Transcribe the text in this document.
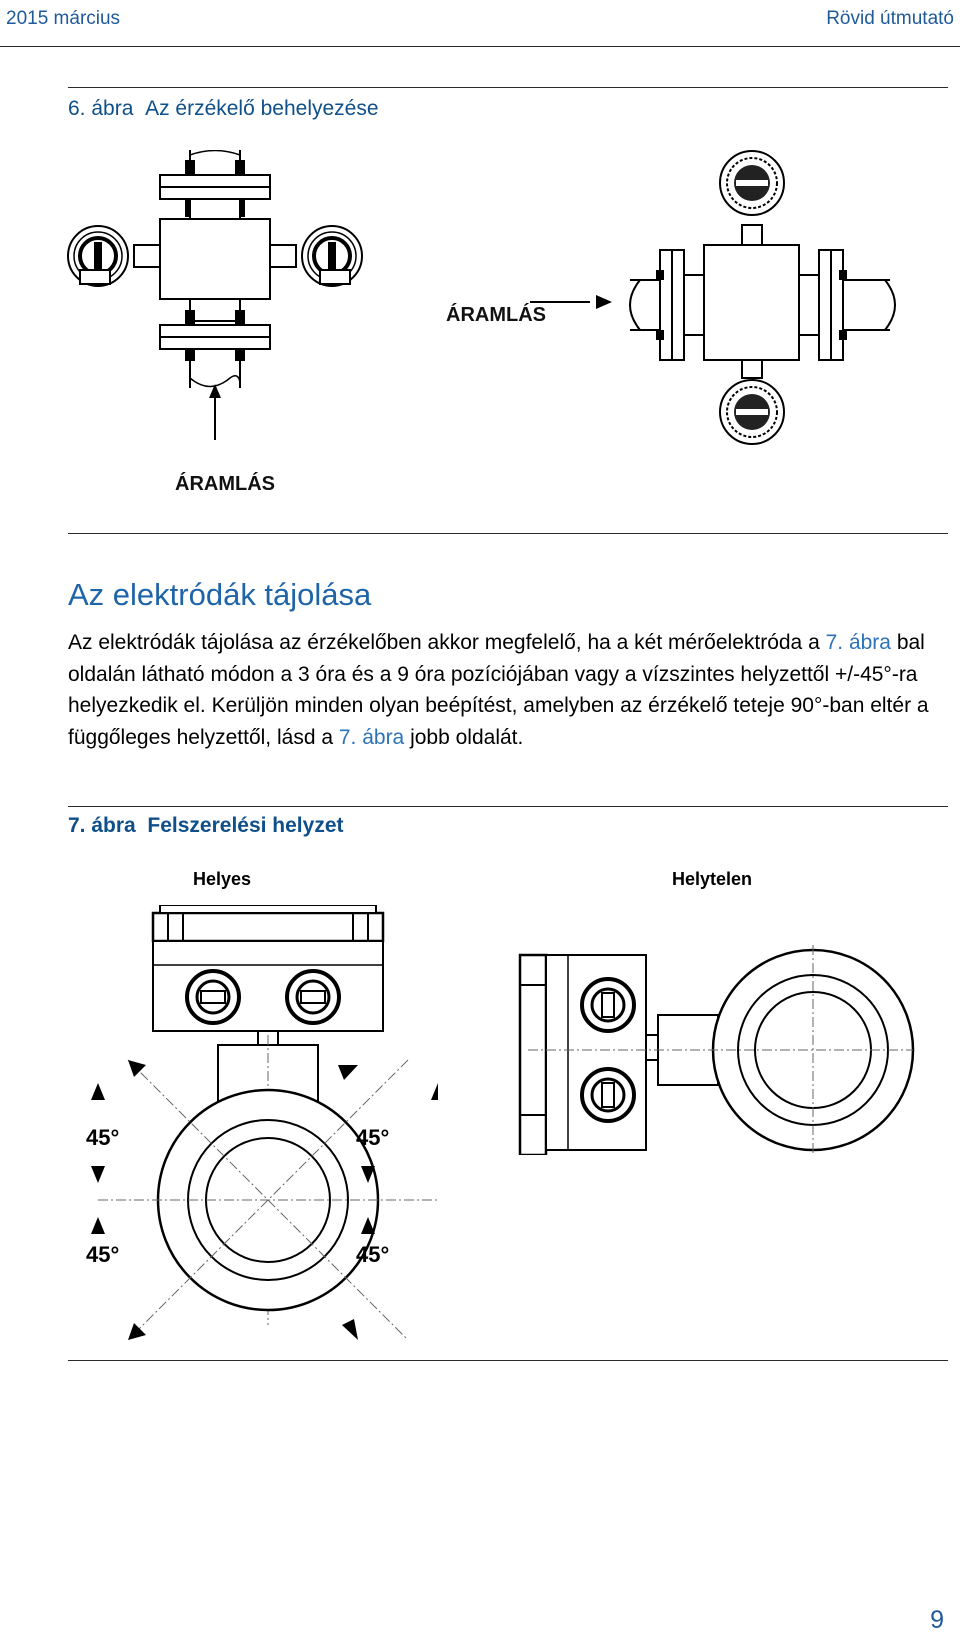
2015 március	Rövid útmutató
6. ábra Az érzékelő behelyezése
ÁRAMLÁS
ÁRAMLÁS
Az elektródák tájolása
Az elektródák tájolása az érzékelőben akkor megfelelő, ha a két mérőelektróda a 7. ábra bal oldalán látható módon a 3 óra és a 9 óra pozíciójában vagy a vízszintes helyzettől +/-45°-ra helyezkedik el. Kerüljön minden olyan beépítést, amelyben az érzékelő teteje 90°-ban eltér a függőleges helyzettől, lásd a 7. ábra jobb oldalát.
7. ábra Felszerelési helyzet
Helyes	Helytelen
45°
45°
45°
45°
9
